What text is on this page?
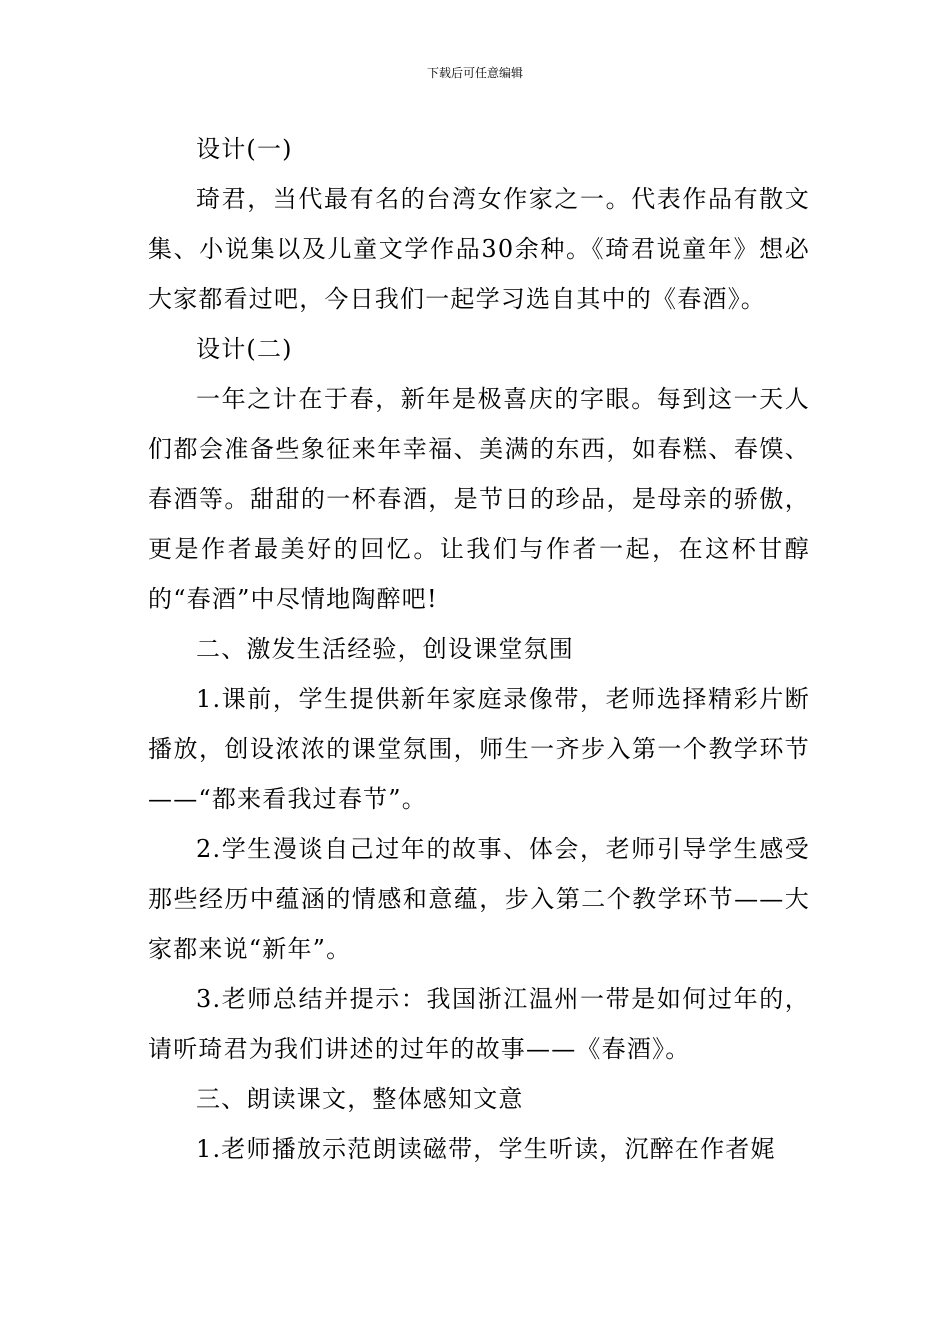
下载后可任意编辑

设计(一)

琦君，当代最有名的台湾女作家之一。代表作品有散文集、小说集以及儿童文学作品30余种。《琦君说童年》想必大家都看过吧，今日我们一起学习选自其中的《春酒》。

设计(二)

一年之计在于春，新年是极喜庆的字眼。每到这一天人们都会准备些象征来年幸福、美满的东西，如春糕、春馍、春酒等。甜甜的一杯春酒，是节日的珍品，是母亲的骄傲，更是作者最美好的回忆。让我们与作者一起，在这杯甘醇的“春酒”中尽情地陶醉吧!

二、激发生活经验，创设课堂氛围

1.课前，学生提供新年家庭录像带，老师选择精彩片断播放，创设浓浓的课堂氛围，师生一齐步入第一个教学环节——“都来看我过春节”。

2.学生漫谈自己过年的故事、体会，老师引导学生感受那些经历中蕴涵的情感和意蕴，步入第二个教学环节——大家都来说“新年”。

3.老师总结并提示：我国浙江温州一带是如何过年的，请听琦君为我们讲述的过年的故事——《春酒》。

三、朗读课文，整体感知文意

1.老师播放示范朗读磁带，学生听读，沉醉在作者娓
